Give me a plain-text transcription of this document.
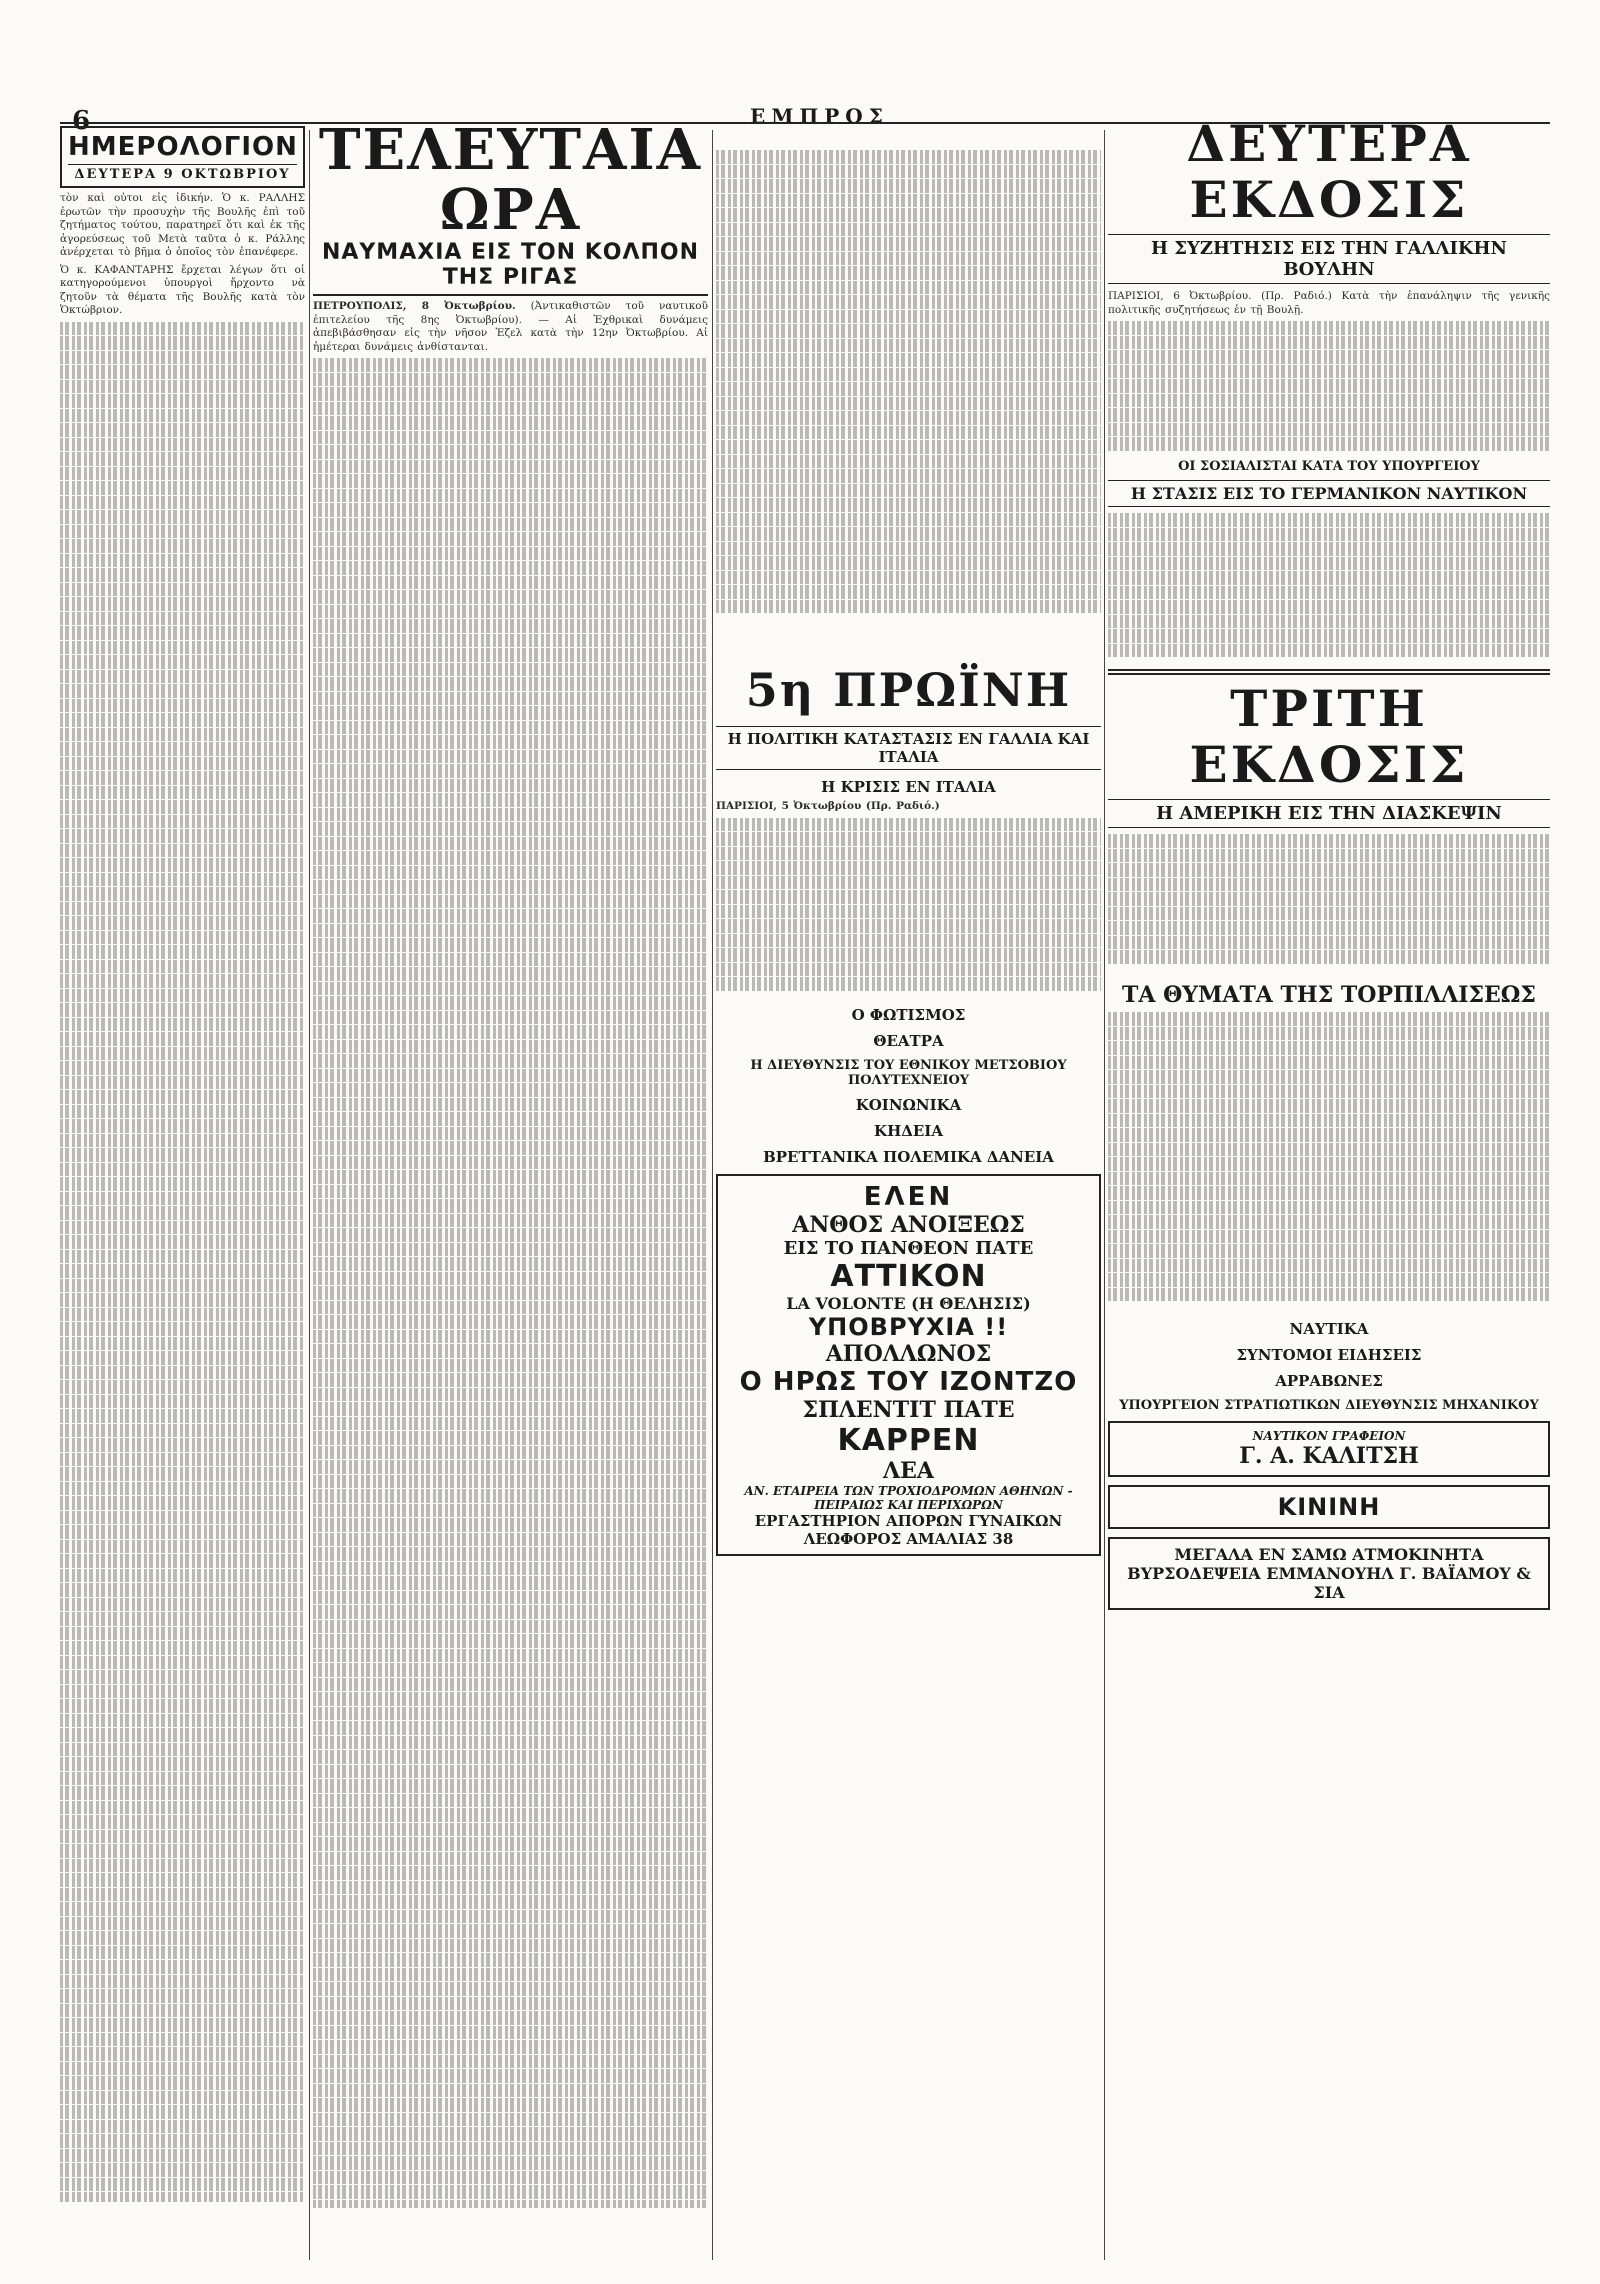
6	ΕΜΠΡΟΣ
ΗΜΕΡΟΛΟΓΙΟΝ
ΔΕΥΤΕΡΑ 9 ΟΚΤΩΒΡΙΟΥ

τὸν καὶ οὐτοι εἰς ἰδικήν. Ὁ κ. ΡΑΛΛΗΣ ἐρωτῶν τὴν προσυχὴν τῆς Βουλῆς ἐπὶ τοῦ ζητήματος τούτου, παρατηρεῖ ὅτι καὶ ἐκ τῆς ἀγορεύσεως τοῦ Μετὰ ταῦτα ὁ κ. Ράλλης ἀνέρχεται τὸ βῆμα ὁ ὁποῖος τὸν ἐπανέφερε.

Ὁ κ. ΚΑΦΑΝΤΑΡΗΣ ἔρχεται λέγων ὅτι οἱ κατηγορούμενοι ὑπουργοὶ ἤρχοντο νὰ ζητοῦν τὰ θέματα τῆς Βουλῆς κατὰ τὸν Ὁκτώβριον.

ΤΕΛΕΥΤΑΙΑ ΩΡΑ
ΝΑΥΜΑΧΙΑ ΕΙΣ ΤΟΝ ΚΟΛΠΟΝ ΤΗΣ ΡΙΓΑΣ

ΠΕΤΡΟΥΠΟΛΙΣ, 8 Ὀκτωβρίου. (Ἀντικαθιστῶν τοῦ ναυτικοῦ ἐπιτελείου τῆς 8ης Ὀκτωβρίου). — Αἱ Ἐχθρικαὶ δυνάμεις ἀπεβιβάσθησαν εἰς τὴν νῆσον Ἐζελ κατὰ τὴν 12ην Ὀκτωβρίου. Αἱ ἡμέτεραι δυνάμεις ἀνθίστανται.

5η ΠΡΩΪΝΗ
Η ΠΟΛΙΤΙΚΗ ΚΑΤΑΣΤΑΣΙΣ ΕΝ ΓΑΛΛΙΑ ΚΑΙ ΙΤΑΛΙΑ
Η ΚΡΙΣΙΣ ΕΝ ΙΤΑΛΙΑ

ΠΑΡΙΣΙΟΙ, 5 Ὀκτωβρίου (Πρ. Ραδιό.)

Ο ΦΩΤΙΣΜΟΣ
ΘΕΑΤΡΑ
Η ΔΙΕΥΘΥΝΣΙΣ ΤΟΥ ΕΘΝΙΚΟΥ ΜΕΤΣΟΒΙΟΥ ΠΟΛΥΤΕΧΝΕΙΟΥ
ΚΟΙΝΩΝΙΚΑ
ΚΗΔΕΙΑ
ΒΡΕΤΤΑΝΙΚΑ ΠΟΛΕΜΙΚΑ ΔΑΝΕΙΑ
ΕΛΕΝ
ΑΝΘΟΣ ΑΝΟΙΞΕΩΣ
ΕΙΣ ΤΟ ΠΑΝΘΕΟΝ ΠΑΤΕ
ΑΤΤΙΚΟΝ
LA VOLONTE (Η ΘΕΛΗΣΙΣ)
ΥΠΟΒΡΥΧΙΑ !!
ΑΠΟΛΛΩΝΟΣ
Ο ΗΡΩΣ ΤΟΥ ΙΖΟΝΤΖΟ
ΣΠΛΕΝΤΙΤ ΠΑΤΕ
ΚΑΡΡΕΝ
ΛΕΑ
ΑΝ. ΕΤΑΙΡΕΙΑ ΤΩΝ ΤΡΟΧΙΟΔΡΟΜΩΝ ΑΘΗΝΩΝ - ΠΕΙΡΑΙΩΣ ΚΑΙ ΠΕΡΙΧΩΡΩΝ
ΕΡΓΑΣΤΗΡΙΟΝ ΑΠΟΡΩΝ ΓΥΝΑΙΚΩΝ ΛΕΩΦΟΡΟΣ ΑΜΑΛΙΑΣ 38
ΔΕΥΤΕΡΑ ΕΚΔΟΣΙΣ
Η ΣΥΖΗΤΗΣΙΣ ΕΙΣ ΤΗΝ ΓΑΛΛΙΚΗΝ ΒΟΥΛΗΝ

ΠΑΡΙΣΙΟΙ, 6 Ὀκτωβρίου. (Πρ. Ραδιό.) Κατὰ τὴν ἐπανάληψιν τῆς γενικῆς πολιτικῆς συζητήσεως ἐν τῇ Βουλῇ.

ΟΙ ΣΟΣΙΑΛΙΣΤΑΙ ΚΑΤΑ ΤΟΥ ΥΠΟΥΡΓΕΙΟΥ
Η ΣΤΑΣΙΣ ΕΙΣ ΤΟ ΓΕΡΜΑΝΙΚΟΝ ΝΑΥΤΙΚΟΝ
ΤΡΙΤΗ ΕΚΔΟΣΙΣ
Η ΑΜΕΡΙΚΗ ΕΙΣ ΤΗΝ ΔΙΑΣΚΕΨΙΝ
ΤΑ ΘΥΜΑΤΑ ΤΗΣ ΤΟΡΠΙΛΛΙΣΕΩΣ
ΝΑΥΤΙΚΑ
ΣΥΝΤΟΜΟΙ ΕΙΔΗΣΕΙΣ
ΑΡΡΑΒΩΝΕΣ
ΥΠΟΥΡΓΕΙΟΝ ΣΤΡΑΤΙΩΤΙΚΩΝ ΔΙΕΥΘΥΝΣΙΣ ΜΗΧΑΝΙΚΟΥ
ΝΑΥΤΙΚΟΝ ΓΡΑΦΕΙΟΝ
Γ. Α. ΚΑΛΙΤΣΗ
ΚΙΝΙΝΗ
ΜΕΓΑΛΑ ΕΝ ΣΑΜΩ ΑΤΜΟΚΙΝΗΤΑ ΒΥΡΣΟΔΕΨΕΙΑ ΕΜΜΑΝΟΥΗΛ Γ. ΒΑΪΑΜΟΥ & ΣΙΑ
